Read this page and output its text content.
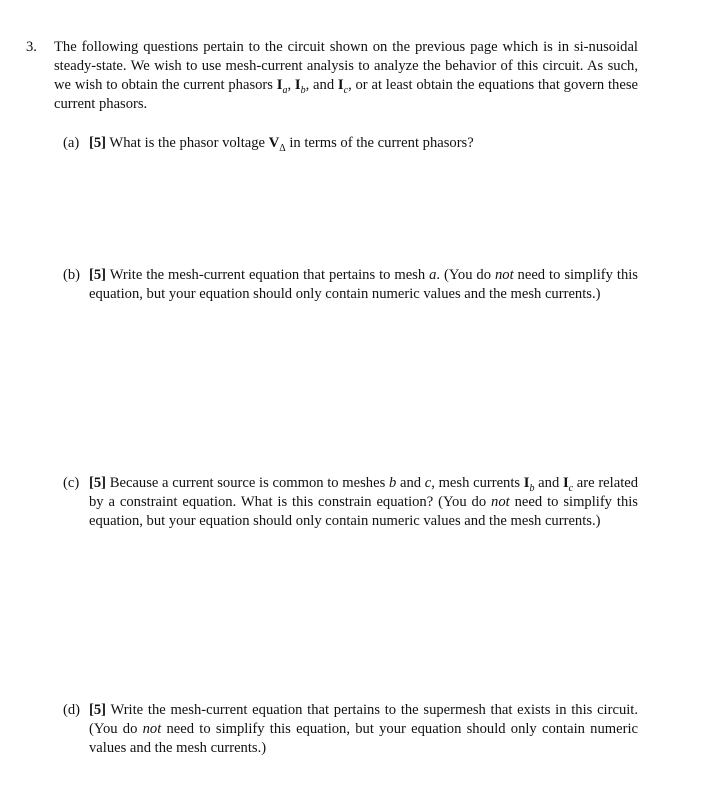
3. The following questions pertain to the circuit shown on the previous page which is in si-nusoidal steady-state. We wish to use mesh-current analysis to analyze the behavior of this circuit. As such, we wish to obtain the current phasors $I_a$, $I_b$, and $I_c$, or at least obtain the equations that govern these current phasors.
(a) [5] What is the phasor voltage $V_\Delta$ in terms of the current phasors?
(b) [5] Write the mesh-current equation that pertains to mesh a. (You do not need to simplify this equation, but your equation should only contain numeric values and the mesh currents.)
(c) [5] Because a current source is common to meshes b and c, mesh currents $I_b$ and $I_c$ are related by a constraint equation. What is this constrain equation? (You do not need to simplify this equation, but your equation should only contain numeric values and the mesh currents.)
(d) [5] Write the mesh-current equation that pertains to the supermesh that exists in this circuit. (You do not need to simplify this equation, but your equation should only contain numeric values and the mesh currents.)
